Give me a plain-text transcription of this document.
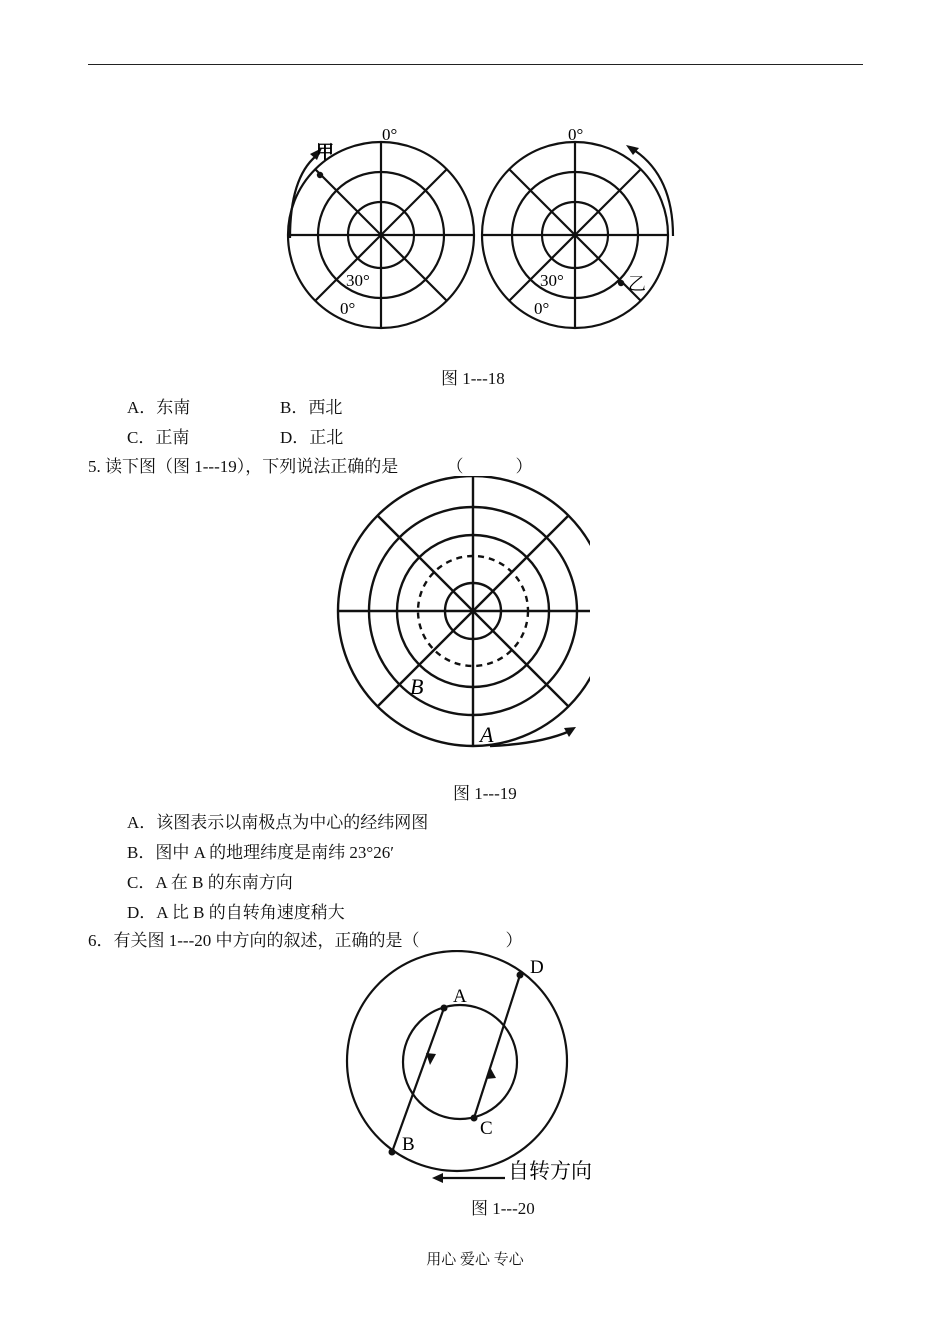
0°
甲
30°
0°
0°
乙
30°
0°
图 1---18
A．东南	B．西北
C．正南	D．正北
5. 读下图（图 1---19），下列说法正确的是	（	）
B
A
图 1---19
A．该图表示以南极点为中心的经纬网图
B．图中 A 的地理纬度是南纬 23°26′
C．A 在 B 的东南方向
D．A 比 B 的自转角速度稍大
6．有关图 1---20 中方向的叙述，正确的是（	）
A
B
C
D
自转方向
图 1---20
用心 爱心 专心
